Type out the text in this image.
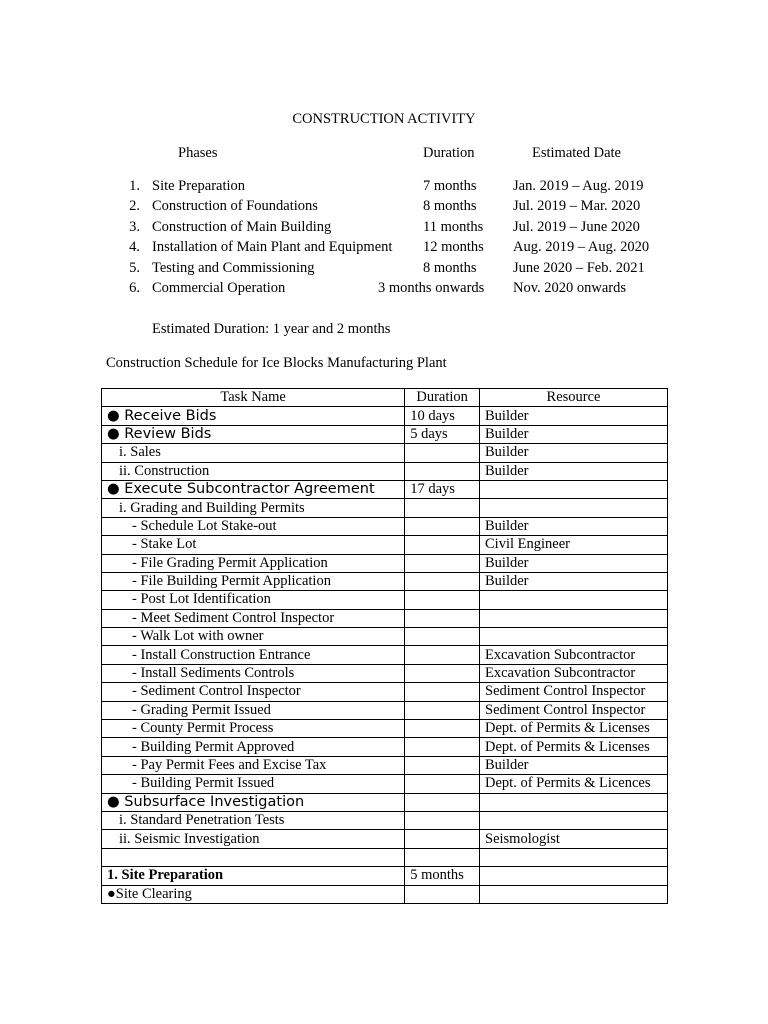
CONSTRUCTION ACTIVITY
Phases	Duration	Estimated Date
1. Site Preparation	7 months	Jan. 2019 – Aug. 2019
2. Construction of Foundations	8 months	Jul. 2019 – Mar. 2020
3. Construction of Main Building	11 months Jul. 2019 – June 2020
4. Installation of Main Plant and Equipment 12 months Aug. 2019 – Aug. 2020
5. Testing and Commissioning	8 months	June 2020 – Feb. 2021
6. Commercial Operation	3 months onwards Nov. 2020 onwards
Estimated Duration: 1 year and 2 months
Construction Schedule for Ice Blocks Manufacturing Plant
Task Name	Duration	Resource
● Receive Bids	10 days	Builder
● Review Bids	5 days	Builder
i. Sales		Builder
ii. Construction		Builder
● Execute Subcontractor Agreement	17 days	
i. Grading and Building Permits		
- Schedule Lot Stake-out		Builder
- Stake Lot		Civil Engineer
- File Grading Permit Application		Builder
- File Building Permit Application		Builder
- Post Lot Identification		
- Meet Sediment Control Inspector		
- Walk Lot with owner		
- Install Construction Entrance		Excavation Subcontractor
- Install Sediments Controls		Excavation Subcontractor
- Sediment Control Inspector		Sediment Control Inspector
- Grading Permit Issued		Sediment Control Inspector
- County Permit Process		Dept. of Permits & Licenses
- Building Permit Approved		Dept. of Permits & Licenses
- Pay Permit Fees and Excise Tax		Builder
- Building Permit Issued		Dept. of Permits & Licences
● Subsurface Investigation		
i. Standard Penetration Tests		
ii. Seismic Investigation		Seismologist

1. Site Preparation	5 months	
●Site Clearing		
